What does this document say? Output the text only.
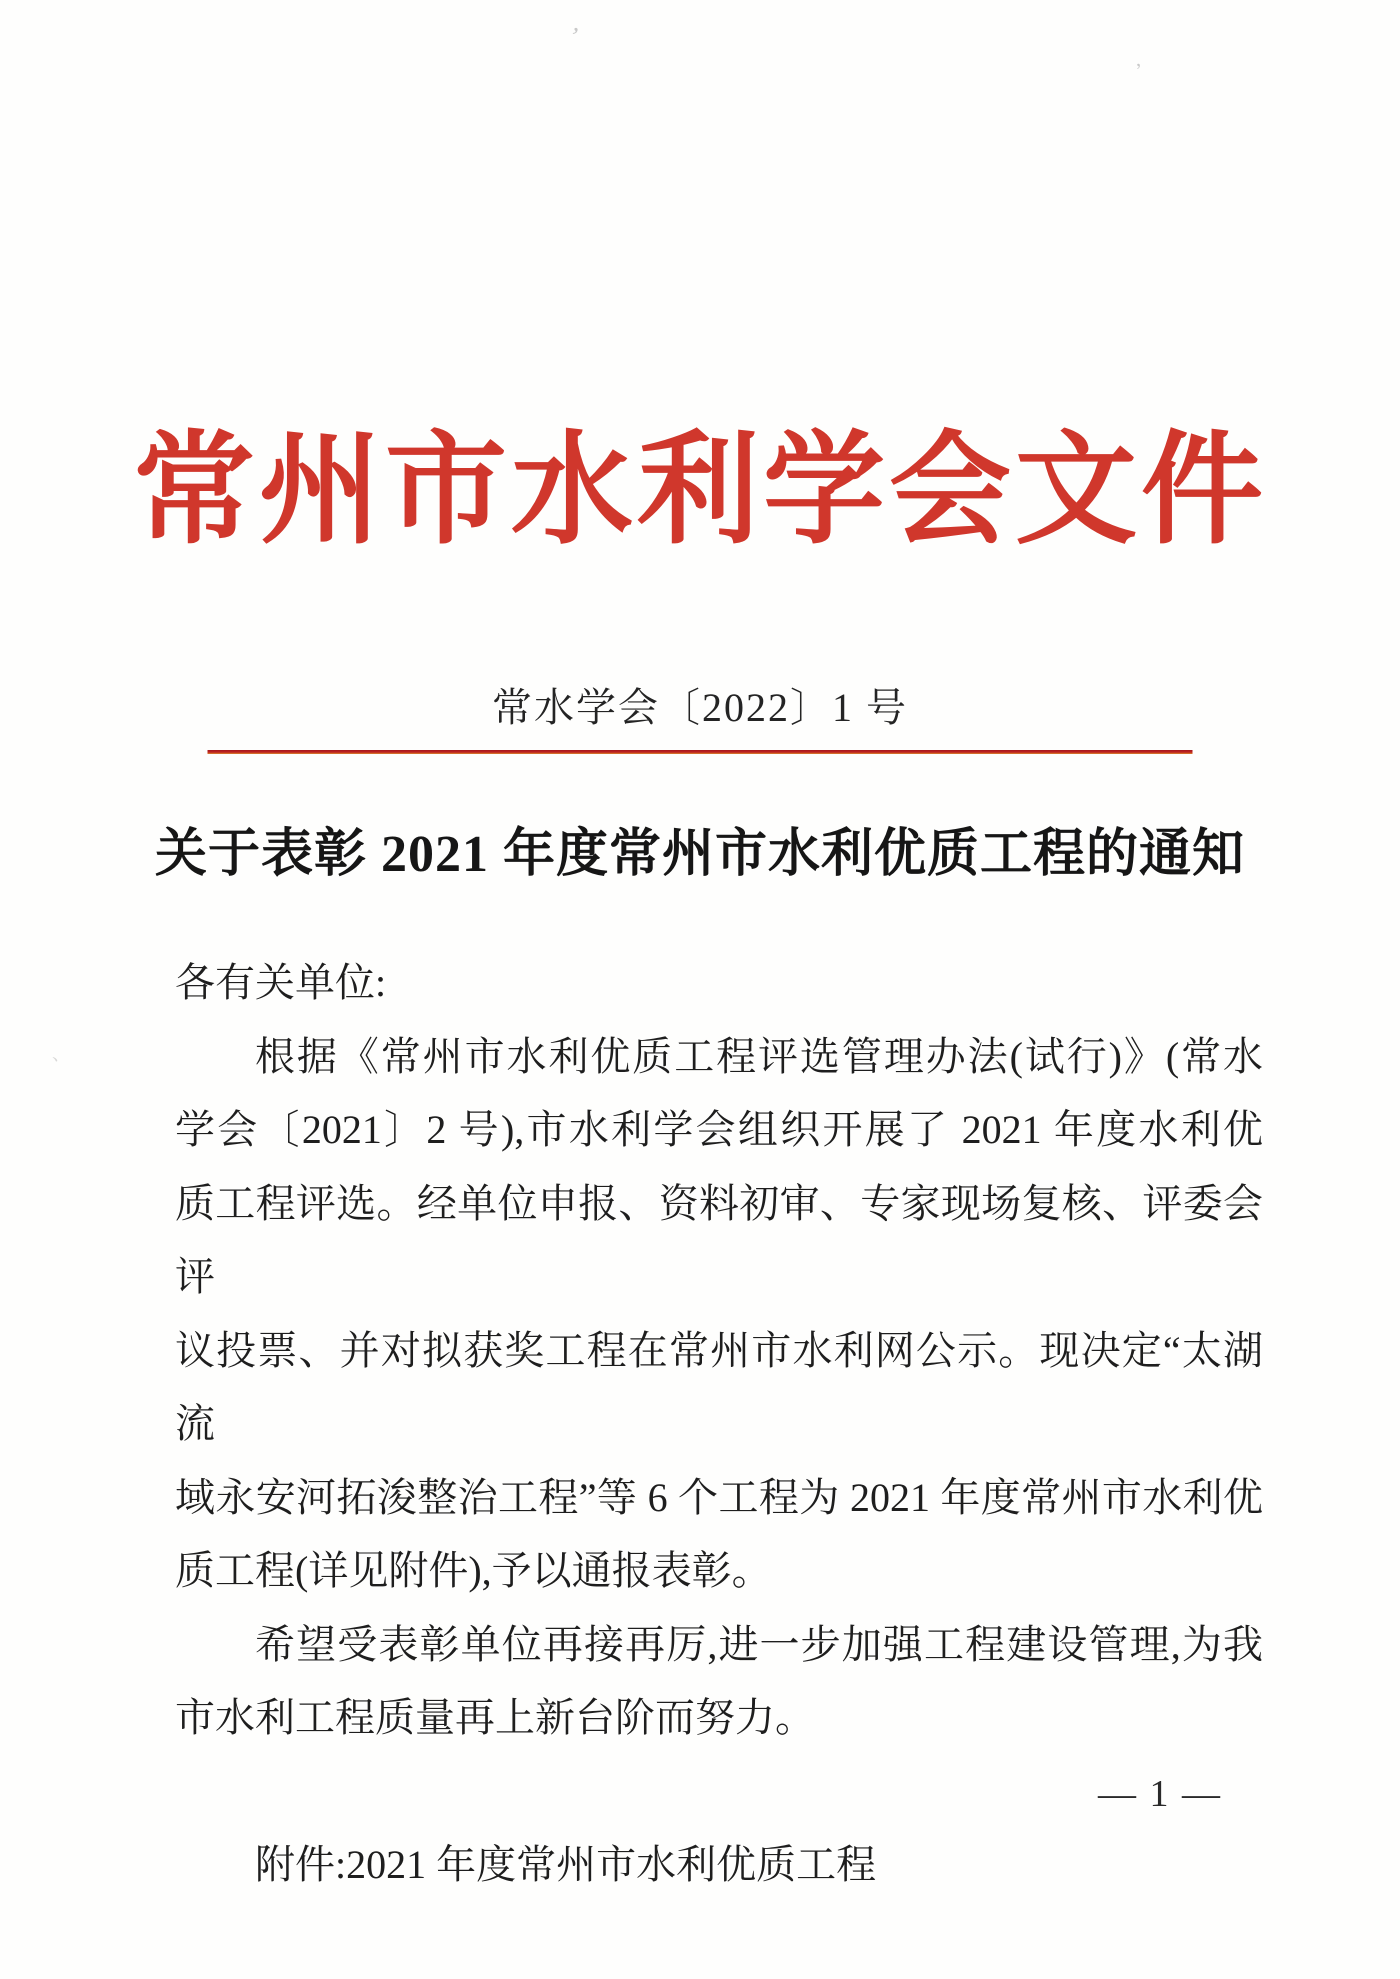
’
’
、
常州市水利学会文件
常水学会〔2022〕1 号
关于表彰 2021 年度常州市水利优质工程的通知
各有关单位:
根据《常州市水利优质工程评选管理办法(试行)》(常水
学会〔2021〕2 号),市水利学会组织开展了 2021 年度水利优
质工程评选。经单位申报、资料初审、专家现场复核、评委会评
议投票、并对拟获奖工程在常州市水利网公示。现决定“太湖流
域永安河拓浚整治工程”等 6 个工程为 2021 年度常州市水利优
质工程(详见附件),予以通报表彰。
希望受表彰单位再接再厉,进一步加强工程建设管理,为我
市水利工程质量再上新台阶而努力。
附件:2021 年度常州市水利优质工程
— 1 —
